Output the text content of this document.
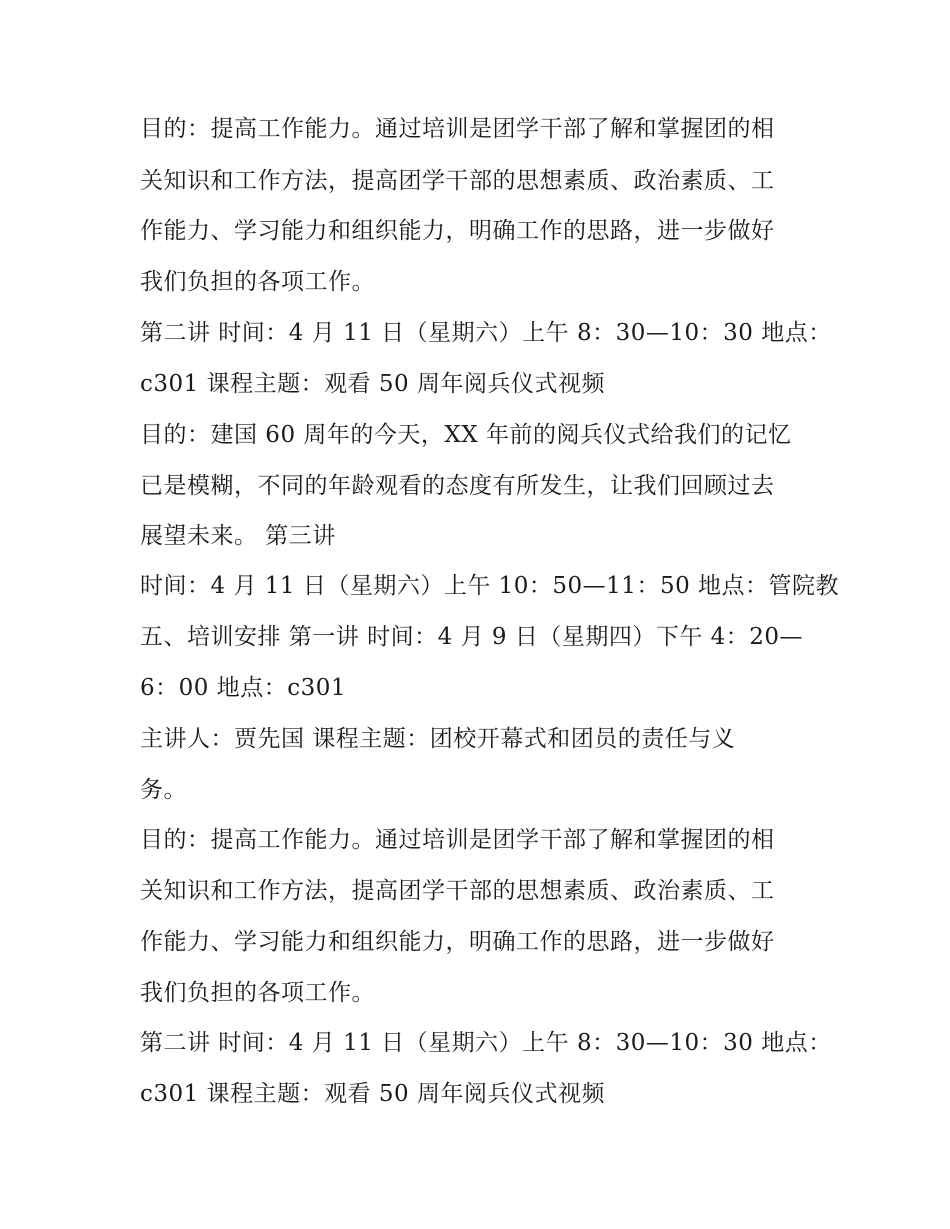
目的：提高工作能力。通过培训是团学干部了解和掌握团的相

关知识和工作方法，提高团学干部的思想素质、政治素质、工

作能力、学习能力和组织能力，明确工作的思路，进一步做好

我们负担的各项工作。

第二讲 时间：4 月 11 日（星期六）上午 8：30—10：30 地点：

c301 课程主题：观看 50 周年阅兵仪式视频

目的：建国 60 周年的今天，XX 年前的阅兵仪式给我们的记忆

已是模糊，不同的年龄观看的态度有所发生，让我们回顾过去

展望未来。 第三讲

时间：4 月 11 日（星期六）上午 10：50—11：50 地点：管院教

五、培训安排 第一讲 时间：4 月 9 日（星期四）下午 4：20—

6：00 地点：c301

主讲人：贾先国 课程主题：团校开幕式和团员的责任与义

务。

目的：提高工作能力。通过培训是团学干部了解和掌握团的相

关知识和工作方法，提高团学干部的思想素质、政治素质、工

作能力、学习能力和组织能力，明确工作的思路，进一步做好

我们负担的各项工作。

第二讲 时间：4 月 11 日（星期六）上午 8：30—10：30 地点：

c301 课程主题：观看 50 周年阅兵仪式视频
